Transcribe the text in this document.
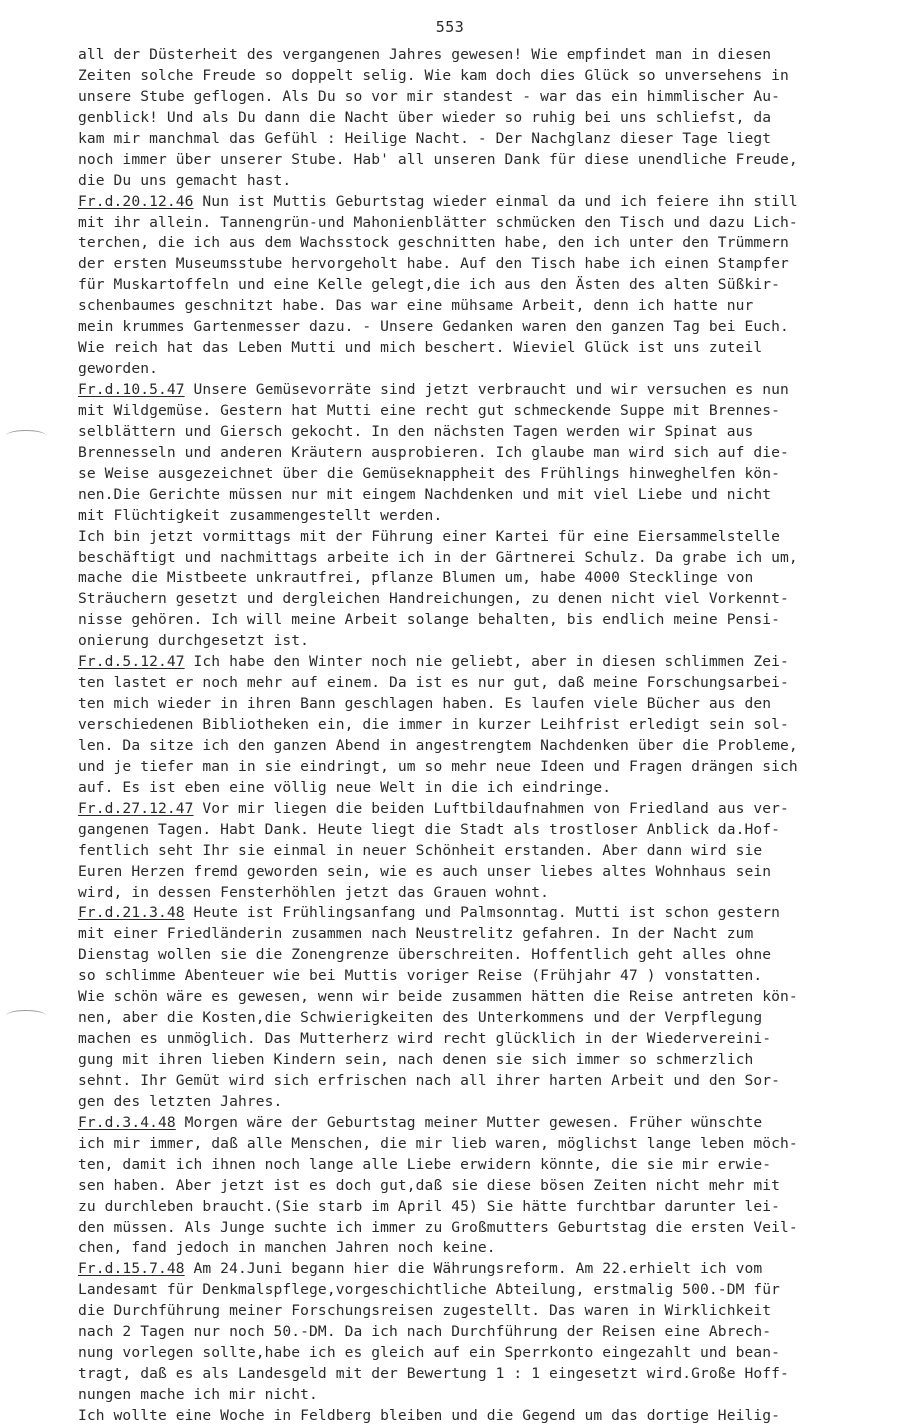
553
all der Düsterheit des vergangenen Jahres gewesen! Wie empfindet man in diesen
Zeiten solche Freude so doppelt selig. Wie kam doch dies Glück so unversehens in
unsere Stube geflogen. Als Du so vor mir standest - war das ein himmlischer Au-
genblick! Und als Du dann die Nacht über wieder so ruhig bei uns schliefst, da
kam mir manchmal das Gefühl : Heilige Nacht. - Der Nachglanz dieser Tage liegt
noch immer über unserer Stube. Hab' all unseren Dank für diese unendliche Freude,
die Du uns gemacht hast.
Fr.d.20.12.46 Nun ist Muttis Geburtstag wieder einmal da und ich feiere ihn still
mit ihr allein. Tannengrün-und Mahonienblätter schmücken den Tisch und dazu Lich-
terchen, die ich aus dem Wachsstock geschnitten habe, den ich unter den Trümmern
der ersten Museumsstube hervorgeholt habe. Auf den Tisch habe ich einen Stampfer
für Muskartoffeln und eine Kelle gelegt,die ich aus den Ästen des alten Süßkir-
schenbaumes geschnitzt habe. Das war eine mühsame Arbeit, denn ich hatte nur
mein krummes Gartenmesser dazu. - Unsere Gedanken waren den ganzen Tag bei Euch.
Wie reich hat das Leben Mutti und mich beschert. Wieviel Glück ist uns zuteil
geworden.
Fr.d.10.5.47 Unsere Gemüsevorräte sind jetzt verbraucht und wir versuchen es nun
mit Wildgemüse. Gestern hat Mutti eine recht gut schmeckende Suppe mit Brennes-
selblättern und Giersch gekocht. In den nächsten Tagen werden wir Spinat aus
Brennesseln und anderen Kräutern ausprobieren. Ich glaube man wird sich auf die-
se Weise ausgezeichnet über die Gemüseknappheit des Frühlings hinweghelfen kön-
nen.Die Gerichte müssen nur mit eingem Nachdenken und mit viel Liebe und nicht
mit Flüchtigkeit zusammengestellt werden.
Ich bin jetzt vormittags mit der Führung einer Kartei für eine Eiersammelstelle
beschäftigt und nachmittags arbeite ich in der Gärtnerei Schulz. Da grabe ich um,
mache die Mistbeete unkrautfrei, pflanze Blumen um, habe 4000 Stecklinge von
Sträuchern gesetzt und dergleichen Handreichungen, zu denen nicht viel Vorkennt-
nisse gehören. Ich will meine Arbeit solange behalten, bis endlich meine Pensi-
onierung durchgesetzt ist.
Fr.d.5.12.47 Ich habe den Winter noch nie geliebt, aber in diesen schlimmen Zei-
ten lastet er noch mehr auf einem. Da ist es nur gut, daß meine Forschungsarbei-
ten mich wieder in ihren Bann geschlagen haben. Es laufen viele Bücher aus den
verschiedenen Bibliotheken ein, die immer in kurzer Leihfrist erledigt sein sol-
len. Da sitze ich den ganzen Abend in angestrengtem Nachdenken über die Probleme,
und je tiefer man in sie eindringt, um so mehr neue Ideen und Fragen drängen sich
auf. Es ist eben eine völlig neue Welt in die ich eindringe.
Fr.d.27.12.47 Vor mir liegen die beiden Luftbildaufnahmen von Friedland aus ver-
gangenen Tagen. Habt Dank. Heute liegt die Stadt als trostloser Anblick da.Hof-
fentlich seht Ihr sie einmal in neuer Schönheit erstanden. Aber dann wird sie
Euren Herzen fremd geworden sein, wie es auch unser liebes altes Wohnhaus sein
wird, in dessen Fensterhöhlen jetzt das Grauen wohnt.
Fr.d.21.3.48 Heute ist Frühlingsanfang und Palmsonntag. Mutti ist schon gestern
mit einer Friedländerin zusammen nach Neustrelitz gefahren. In der Nacht zum
Dienstag wollen sie die Zonengrenze überschreiten. Hoffentlich geht alles ohne
so schlimme Abenteuer wie bei Muttis voriger Reise (Frühjahr 47 ) vonstatten.
Wie schön wäre es gewesen, wenn wir beide zusammen hätten die Reise antreten kön-
nen, aber die Kosten,die Schwierigkeiten des Unterkommens und der Verpflegung
machen es unmöglich. Das Mutterherz wird recht glücklich in der Wiedervereini-
gung mit ihren lieben Kindern sein, nach denen sie sich immer so schmerzlich
sehnt. Ihr Gemüt wird sich erfrischen nach all ihrer harten Arbeit und den Sor-
gen des letzten Jahres.
Fr.d.3.4.48 Morgen wäre der Geburtstag meiner Mutter gewesen. Früher wünschte
ich mir immer, daß alle Menschen, die mir lieb waren, möglichst lange leben möch-
ten, damit ich ihnen noch lange alle Liebe erwidern könnte, die sie mir erwie-
sen haben. Aber jetzt ist es doch gut,daß sie diese bösen Zeiten nicht mehr mit
zu durchleben braucht.(Sie starb im April 45) Sie hätte furchtbar darunter lei-
den müssen. Als Junge suchte ich immer zu Großmutters Geburtstag die ersten Veil-
chen, fand jedoch in manchen Jahren noch keine.
Fr.d.15.7.48 Am 24.Juni begann hier die Währungsreform. Am 22.erhielt ich vom
Landesamt für Denkmalspflege,vorgeschichtliche Abteilung, erstmalig 500.-DM für
die Durchführung meiner Forschungsreisen zugestellt. Das waren in Wirklichkeit
nach 2 Tagen nur noch 50.-DM. Da ich nach Durchführung der Reisen eine Abrech-
nung vorlegen sollte,habe ich es gleich auf ein Sperrkonto eingezahlt und bean-
tragt, daß es als Landesgeld mit der Bewertung 1 : 1 eingesetzt wird.Große Hoff-
nungen mache ich mir nicht.
Ich wollte eine Woche in Feldberg bleiben und die Gegend um das dortige Heilig-
